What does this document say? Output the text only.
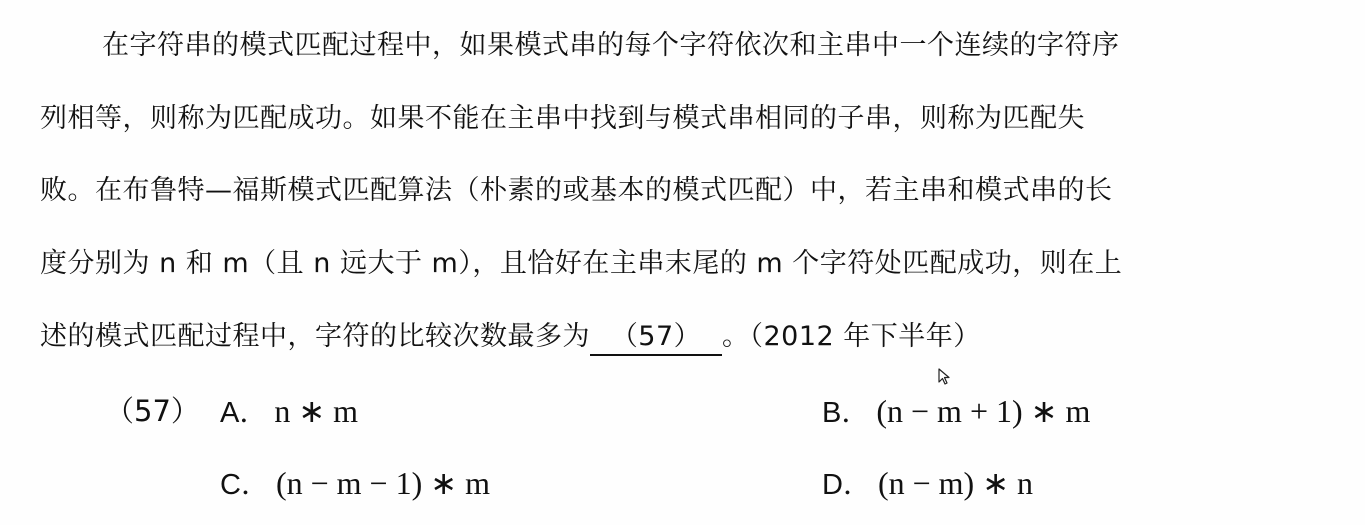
在字符串的模式匹配过程中，如果模式串的每个字符依次和主串中一个连续的字符序
列相等，则称为匹配成功。如果不能在主串中找到与模式串相同的子串，则称为匹配失
败。在布鲁特—福斯模式匹配算法（朴素的或基本的模式匹配）中，若主串和模式串的长
度分别为 n 和 m（且 n 远大于 m），且恰好在主串末尾的 m 个字符处匹配成功，则在上
述的模式匹配过程中，字符的比较次数最多为 （57） 。（2012 年下半年）
（57） A． n ∗ m	B． (n − m + 1) ∗ m
C． (n − m − 1) ∗ m	D． (n − m) ∗ n
